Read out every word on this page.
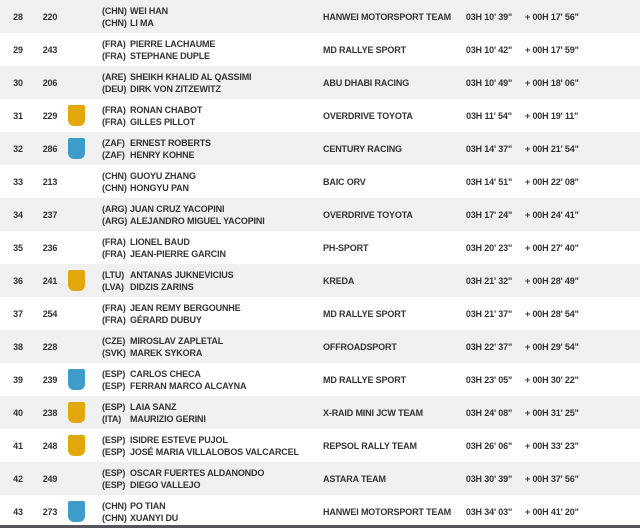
28	220
(CHN) WEI HAN
(CHN) LI MA
HANWEI MOTORSPORT TEAM	03H 10' 39"	+ 00H 17' 56"
29	243
(FRA) PIERRE LACHAUME
(FRA) STEPHANE DUPLE
MD RALLYE SPORT	03H 10' 42"	+ 00H 17' 59"
30	206
(ARE) SHEIKH KHALID AL QASSIMI
(DEU) DIRK VON ZITZEWITZ
ABU DHABI RACING	03H 10' 49"	+ 00H 18' 06"
31	229
(FRA) RONAN CHABOT
(FRA) GILLES PILLOT
OVERDRIVE TOYOTA	03H 11' 54"	+ 00H 19' 11"
32	286
(ZAF) ERNEST ROBERTS
(ZAF) HENRY KOHNE
CENTURY RACING	03H 14' 37"	+ 00H 21' 54"
33	213
(CHN) GUOYU ZHANG
(CHN) HONGYU PAN
BAIC ORV	03H 14' 51"	+ 00H 22' 08"
34	237
(ARG) JUAN CRUZ YACOPINI
(ARG) ALEJANDRO MIGUEL YACOPINI
OVERDRIVE TOYOTA	03H 17' 24"	+ 00H 24' 41"
35	236
(FRA) LIONEL BAUD
(FRA) JEAN-PIERRE GARCIN
PH-SPORT	03H 20' 23"	+ 00H 27' 40"
36	241
(LTU) ANTANAS JUKNEVICIUS
(LVA) DIDZIS ZARINS
KREDA	03H 21' 32"	+ 00H 28' 49"
37	254
(FRA) JEAN REMY BERGOUNHE
(FRA) GÉRARD DUBUY
MD RALLYE SPORT	03H 21' 37"	+ 00H 28' 54"
38	228
(CZE) MIROSLAV ZAPLETAL
(SVK) MAREK SYKORA
OFFROADSPORT	03H 22' 37"	+ 00H 29' 54"
39	239
(ESP) CARLOS CHECA
(ESP) FERRAN MARCO ALCAYNA
MD RALLYE SPORT	03H 23' 05"	+ 00H 30' 22"
40	238
(ESP) LAIA SANZ
(ITA) MAURIZIO GERINI
X-RAID MINI JCW TEAM	03H 24' 08"	+ 00H 31' 25"
41	248
(ESP) ISIDRE ESTEVE PUJOL
(ESP) JOSÉ MARIA VILLALOBOS VALCARCEL
REPSOL RALLY TEAM	03H 26' 06"	+ 00H 33' 23"
42	249
(ESP) OSCAR FUERTES ALDANONDO
(ESP) DIEGO VALLEJO
ASTARA TEAM	03H 30' 39"	+ 00H 37' 56"
43	273
(CHN) PO TIAN
(CHN) XUANYI DU
HANWEI MOTORSPORT TEAM	03H 34' 03"	+ 00H 41' 20"
